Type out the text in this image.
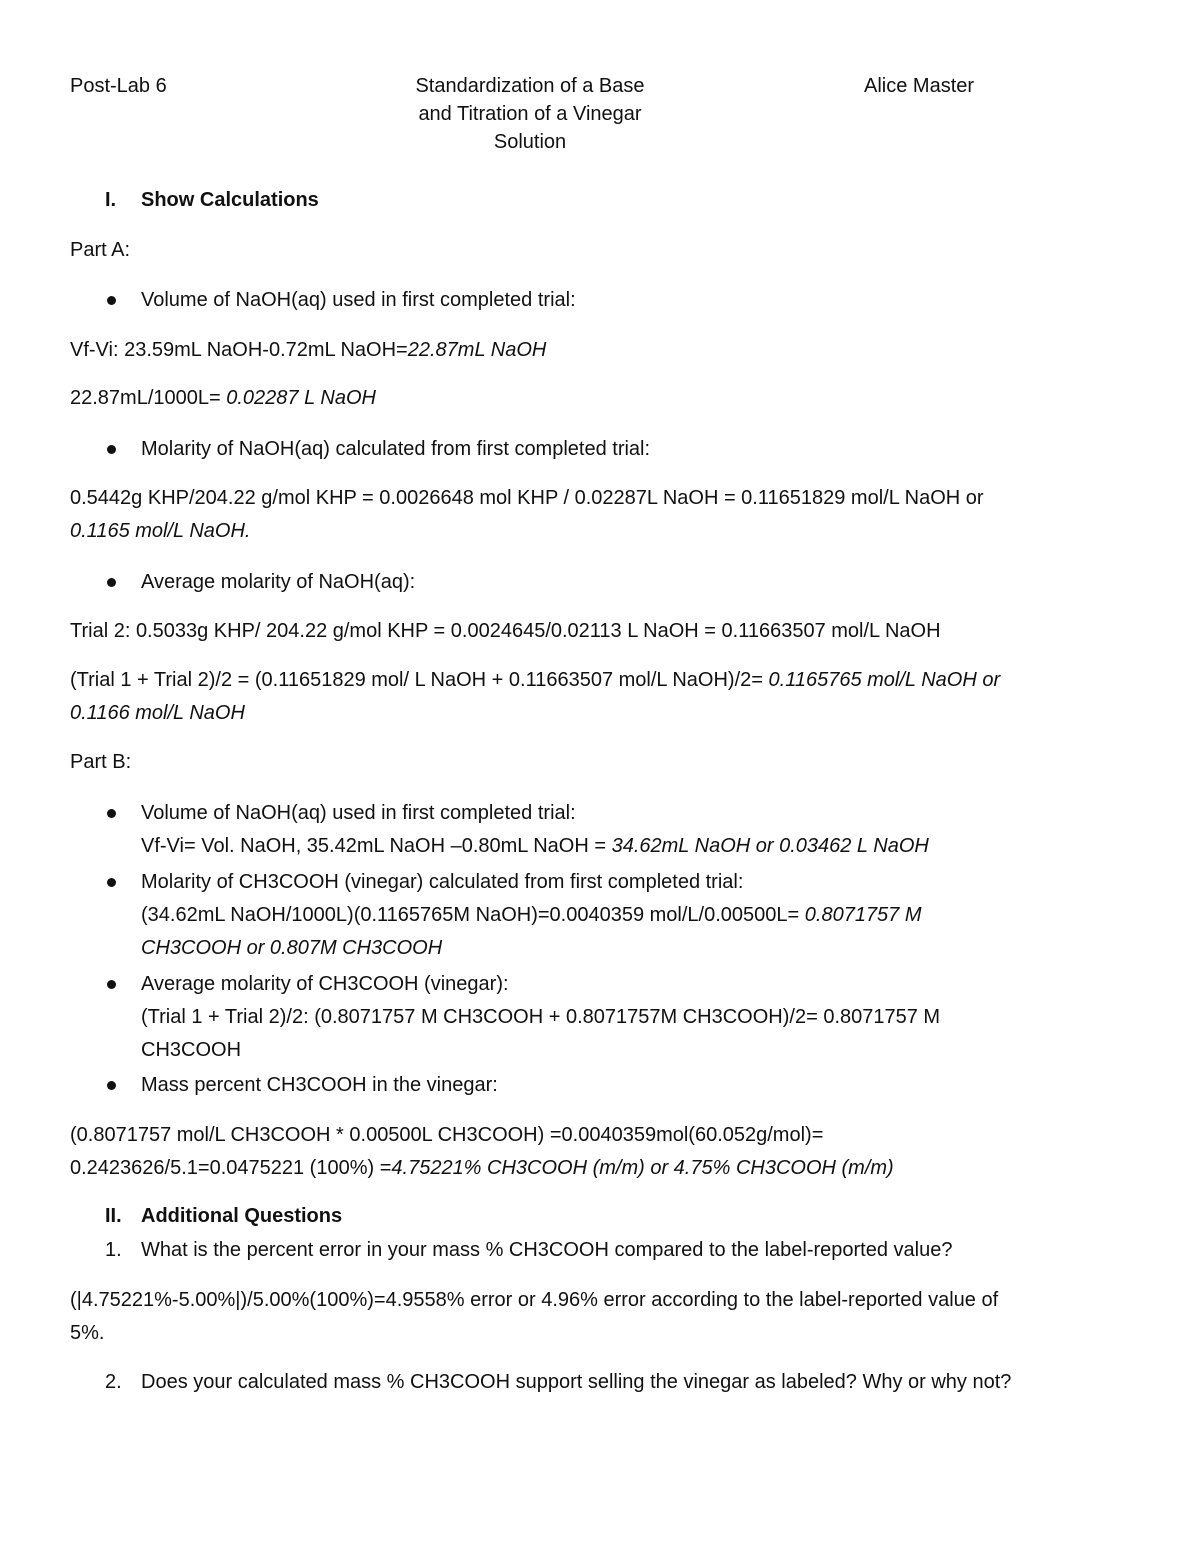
Post-Lab 6	Standardization of a Base
and Titration of a Vinegar
Solution
Alice Master
I. Show Calculations
Part A:
Volume of NaOH(aq) used in first completed trial:
Vf-Vi: 23.59mL NaOH-0.72mL NaOH=22.87mL NaOH
22.87mL/1000L= 0.02287 L NaOH
Molarity of NaOH(aq) calculated from first completed trial:
0.5442g KHP/204.22 g/mol KHP = 0.0026648 mol KHP / 0.02287L NaOH = 0.11651829 mol/L NaOH or
0.1165 mol/L NaOH.
Average molarity of NaOH(aq):
Trial 2: 0.5033g KHP/ 204.22 g/mol KHP = 0.0024645/0.02113 L NaOH = 0.11663507 mol/L NaOH
(Trial 1 + Trial 2)/2 = (0.11651829 mol/ L NaOH + 0.11663507 mol/L NaOH)/2= 0.1165765 mol/L NaOH or
0.1166 mol/L NaOH
Part B:
Volume of NaOH(aq) used in first completed trial:
Vf-Vi= Vol. NaOH, 35.42mL NaOH –0.80mL NaOH = 34.62mL NaOH or 0.03462 L NaOH
Molarity of CH3COOH (vinegar) calculated from first completed trial:
(34.62mL NaOH/1000L)(0.1165765M NaOH)=0.0040359 mol/L/0.00500L= 0.8071757 M
CH3COOH or 0.807M CH3COOH
Average molarity of CH3COOH (vinegar):
(Trial 1 + Trial 2)/2: (0.8071757 M CH3COOH + 0.8071757M CH3COOH)/2= 0.8071757 M
CH3COOH
Mass percent CH3COOH in the vinegar:
(0.8071757 mol/L CH3COOH * 0.00500L CH3COOH) =0.0040359mol(60.052g/mol)=
0.2423626/5.1=0.0475221 (100%) =4.75221% CH3COOH (m/m) or 4.75% CH3COOH (m/m)
II. Additional Questions
1. What is the percent error in your mass % CH3COOH compared to the label-reported value?
(|4.75221%-5.00%|)/5.00%(100%)=4.9558% error or 4.96% error according to the label-reported value of
5%.
2. Does your calculated mass % CH3COOH support selling the vinegar as labeled? Why or why not?
